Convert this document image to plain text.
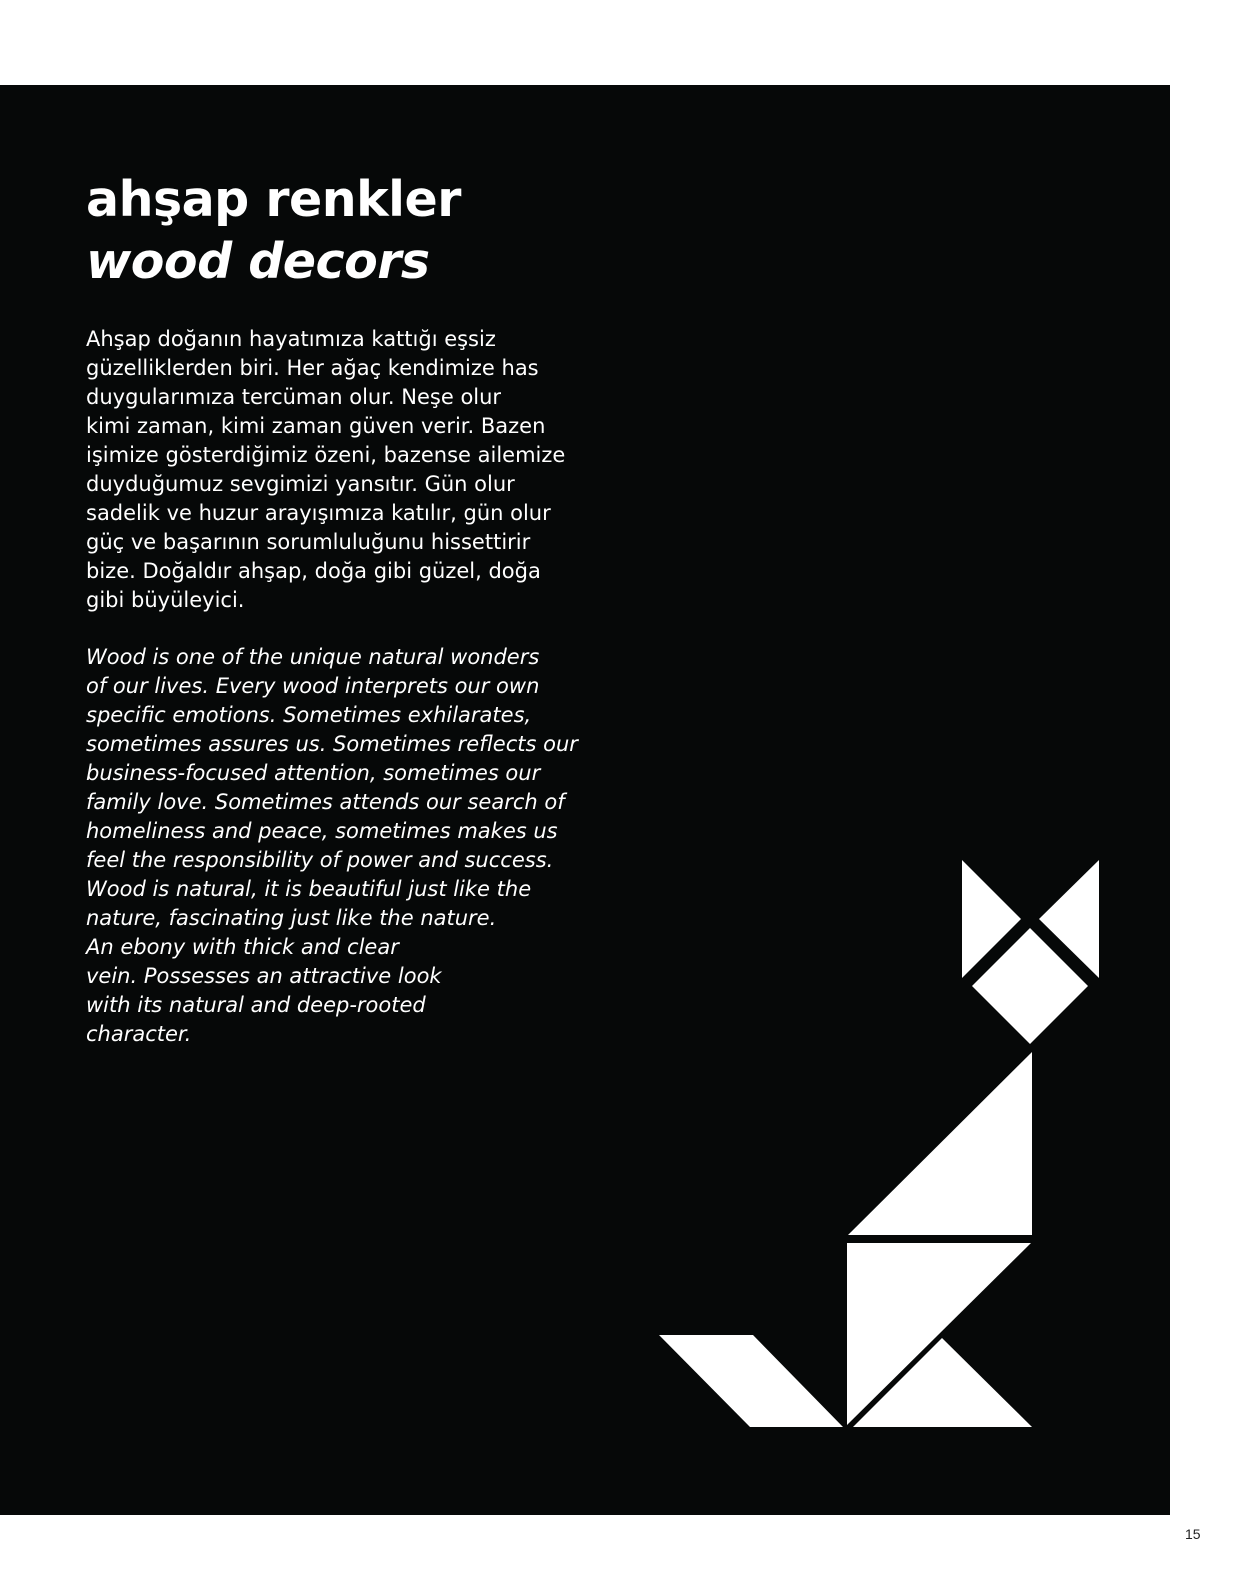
ahşap renkler
wood decors

Ahşap doğanın hayatımıza kattığı eşsiz
güzelliklerden biri. Her ağaç kendimize has
duygularımıza tercüman olur. Neşe olur
kimi zaman, kimi zaman güven verir. Bazen
işimize gösterdiğimiz özeni, bazense ailemize
duyduğumuz sevgimizi yansıtır. Gün olur
sadelik ve huzur arayışımıza katılır, gün olur
güç ve başarının sorumluluğunu hissettirir
bize. Doğaldır ahşap, doğa gibi güzel, doğa
gibi büyüleyici.

Wood is one of the unique natural wonders
of our lives. Every wood interprets our own
specific emotions. Sometimes exhilarates,
sometimes assures us. Sometimes reflects our
business-focused attention, sometimes our
family love. Sometimes attends our search of
homeliness and peace, sometimes makes us
feel the responsibility of power and success.
Wood is natural, it is beautiful just like the
nature, fascinating just like the nature.
An ebony with thick and clear
vein. Possesses an attractive look
with its natural and deep-rooted
character.

15
